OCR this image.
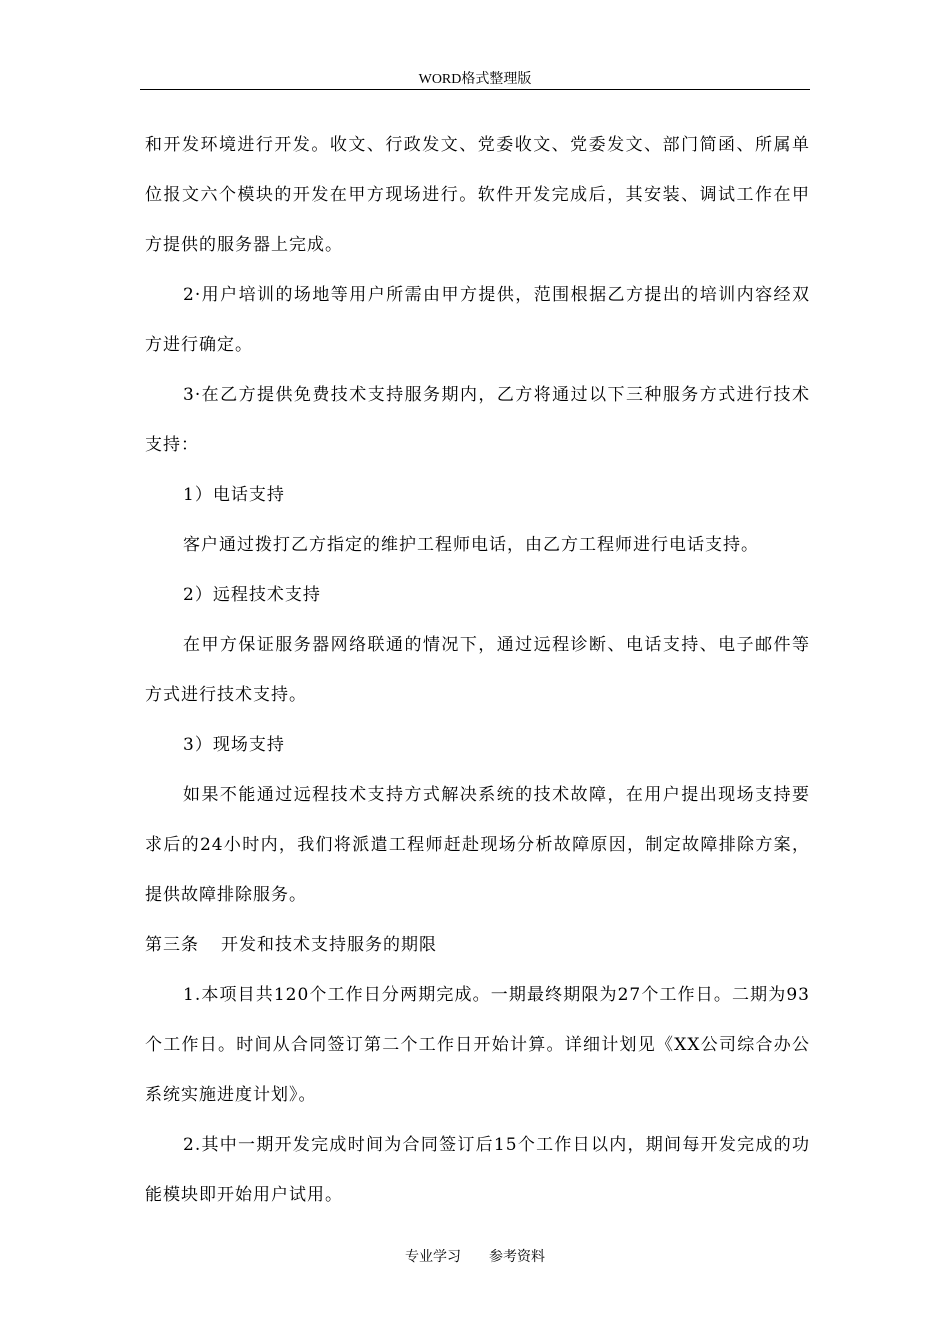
WORD格式整理版

和开发环境进行开发。收文、行政发文、党委收文、党委发文、部门简函、所属单位报文六个模块的开发在甲方现场进行。软件开发完成后，其安装、调试工作在甲方提供的服务器上完成。

2·用户培训的场地等用户所需由甲方提供，范围根据乙方提出的培训内容经双方进行确定。

3·在乙方提供免费技术支持服务期内，乙方将通过以下三种服务方式进行技术支持：

1）电话支持

客户通过拨打乙方指定的维护工程师电话，由乙方工程师进行电话支持。

2）远程技术支持

在甲方保证服务器网络联通的情况下，通过远程诊断、电话支持、电子邮件等方式进行技术支持。

3）现场支持

如果不能通过远程技术支持方式解决系统的技术故障，在用户提出现场支持要求后的24小时内，我们将派遣工程师赶赴现场分析故障原因，制定故障排除方案，提供故障排除服务。

第三条 开发和技术支持服务的期限

1.本项目共120个工作日分两期完成。一期最终期限为27个工作日。二期为93个工作日。时间从合同签订第二个工作日开始计算。详细计划见《XX公司综合办公系统实施进度计划》。

2.其中一期开发完成时间为合同签订后15个工作日以内，期间每开发完成的功能模块即开始用户试用。

专业学习 参考资料
